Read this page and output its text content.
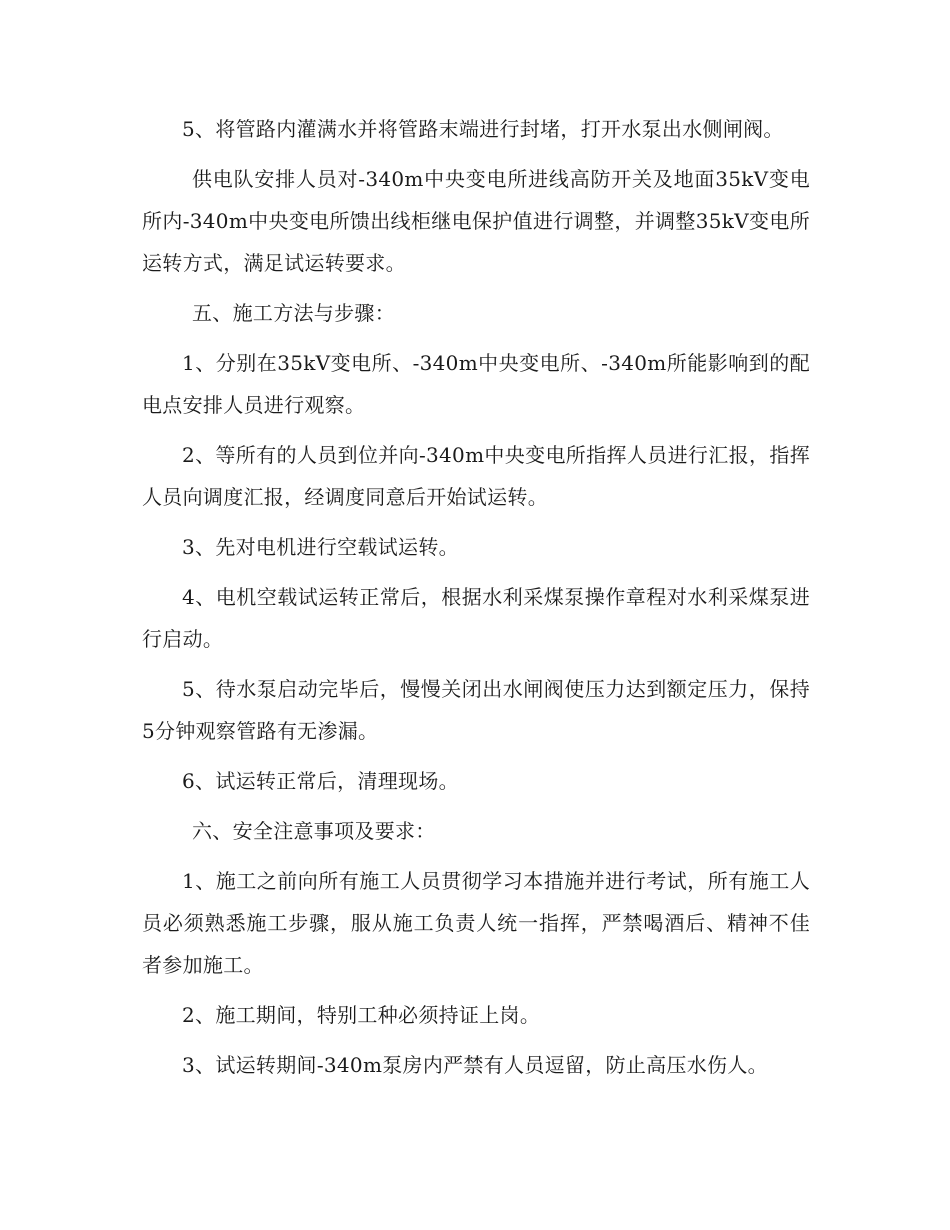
5、将管路内灌满水并将管路末端进行封堵，打开水泵出水侧闸阀。

供电队安排人员对-340m中央变电所进线高防开关及地面35kV变电所内-340m中央变电所馈出线柜继电保护值进行调整，并调整35kV变电所运转方式，满足试运转要求。

五、施工方法与步骤：

1、分别在35kV变电所、-340m中央变电所、-340m所能影响到的配电点安排人员进行观察。

2、等所有的人员到位并向-340m中央变电所指挥人员进行汇报，指挥人员向调度汇报，经调度同意后开始试运转。

3、先对电机进行空载试运转。

4、电机空载试运转正常后，根据水利采煤泵操作章程对水利采煤泵进行启动。

5、待水泵启动完毕后，慢慢关闭出水闸阀使压力达到额定压力，保持5分钟观察管路有无渗漏。

6、试运转正常后，清理现场。

六、安全注意事项及要求：

1、施工之前向所有施工人员贯彻学习本措施并进行考试，所有施工人员必须熟悉施工步骤，服从施工负责人统一指挥，严禁喝酒后、精神不佳者参加施工。

2、施工期间，特别工种必须持证上岗。

3、试运转期间-340m泵房内严禁有人员逗留，防止高压水伤人。
